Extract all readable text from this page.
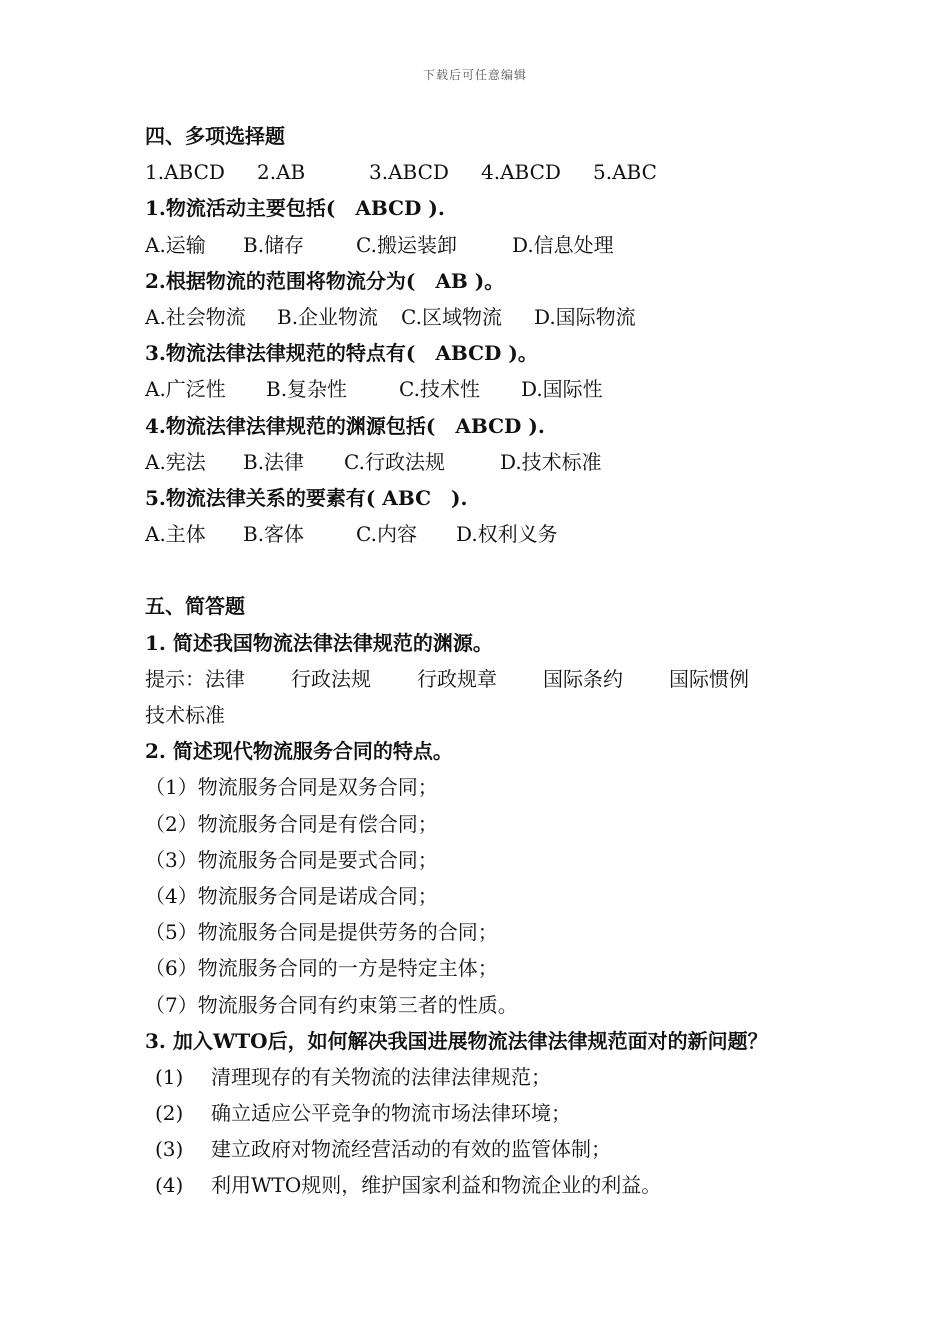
下载后可任意编辑
四、多项选择题
1.ABCD 2.AB	3.ABCD 4.ABCD 5.ABC
1.物流活动主要包括(　ABCD ).
A.运输 B.储存	C.搬运装卸	D.信息处理
2.根据物流的范围将物流分为(　AB )。
A.社会物流 B.企业物流 C.区域物流 D.国际物流
3.物流法律法律规范的特点有(　ABCD )。
A.广泛性 B.复杂性	C.技术性 D.国际性
4.物流法律法律规范的渊源包括(　ABCD ).
A.宪法 B.法律 C.行政法规	D.技术标准
5.物流法律关系的要素有( ABC　).
A.主体 B.客体	C.内容 D.权利义务
五、简答题
1. 简述我国物流法律法律规范的渊源。
提示：法律 行政法规 行政规章 国际条约 国际惯例
技术标准
2. 简述现代物流服务合同的特点。
（1）物流服务合同是双务合同；
（2）物流服务合同是有偿合同；
（3）物流服务合同是要式合同；
（4）物流服务合同是诺成合同；
（5）物流服务合同是提供劳务的合同；
（6）物流服务合同的一方是特定主体；
（7）物流服务合同有约束第三者的性质。
3. 加入WTO后，如何解决我国进展物流法律法律规范面对的新问题？
(1) 清理现存的有关物流的法律法律规范；
(2) 确立适应公平竞争的物流市场法律环境；
(3) 建立政府对物流经营活动的有效的监管体制；
(4) 利用WTO规则，维护国家利益和物流企业的利益。
